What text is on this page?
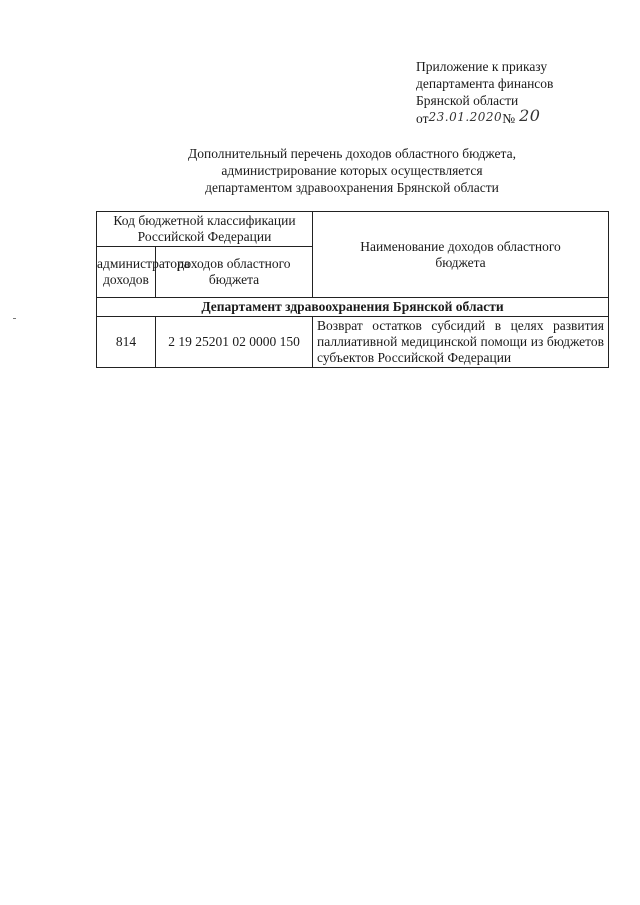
Приложение к приказу
департамента финансов
Брянской области
от23.01.2020№ 20
Дополнительный перечень доходов областного бюджета,
администрирование которых осуществляется
департаментом здравоохранения Брянской области
Код бюджетной классификации Российской Федерации		Наименование доходов областного бюджета
администратора доходов	доходов областного бюджета	
Департамент здравоохранения Брянской области		
814	2 19 25201 02 0000 150	Возврат остатков субсидий в целях развития паллиативной медицинской помощи из бюджетов субъектов Российской Федерации
